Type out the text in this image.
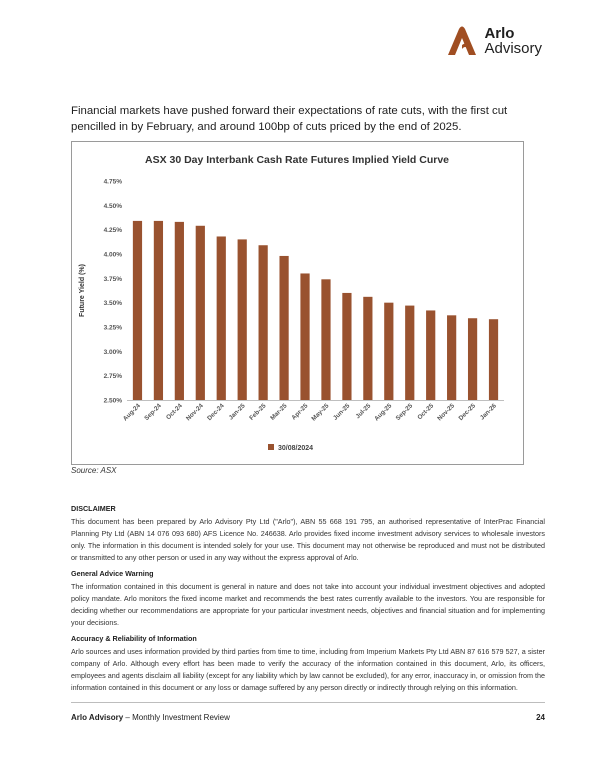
Arlo
Advisory
Financial markets have pushed forward their expectations of rate cuts, with the first cut pencilled in by February, and around 100bp of cuts priced by the end of 2025.
ASX 30 Day Interbank Cash Rate Futures Implied Yield Curve
Future Yield (%)
2.50%
2.75%
3.00%
3.25%
3.50%
3.75%
4.00%
4.25%
4.50%
4.75%
Aug-24 Sep-24 Oct-24 Nov-24 Dec-24 Jan-25 Feb-25 Mar-25 Apr-25 May-25 Jun-25 Jul-25 Aug-25 Sep-25 Oct-25 Nov-25 Dec-25 Jan-26
30/08/2024
Source: ASX
DISCLAIMER

This document has been prepared by Arlo Advisory Pty Ltd ("Arlo"), ABN 55 668 191 795, an authorised representative of InterPrac Financial Planning Pty Ltd (ABN 14 076 093 680) AFS Licence No. 246638. Arlo provides fixed income investment advisory services to wholesale investors only. The information in this document is intended solely for your use. This document may not otherwise be reproduced and must not be distributed or transmitted to any other person or used in any way without the express approval of Arlo.

General Advice Warning

The information contained in this document is general in nature and does not take into account your individual investment objectives and adopted policy mandate. Arlo monitors the fixed income market and recommends the best rates currently available to the investors. You are responsible for deciding whether our recommendations are appropriate for your particular investment needs, objectives and financial situation and for implementing your decisions.

Accuracy & Reliability of Information

Arlo sources and uses information provided by third parties from time to time, including from Imperium Markets Pty Ltd ABN 87 616 579 527, a sister company of Arlo. Although every effort has been made to verify the accuracy of the information contained in this document, Arlo, its officers, employees and agents disclaim all liability (except for any liability which by law cannot be excluded), for any error, inaccuracy in, or omission from the information contained in this document or any loss or damage suffered by any person directly or indirectly through relying on this information.

Arlo Advisory – Monthly Investment Review	24
